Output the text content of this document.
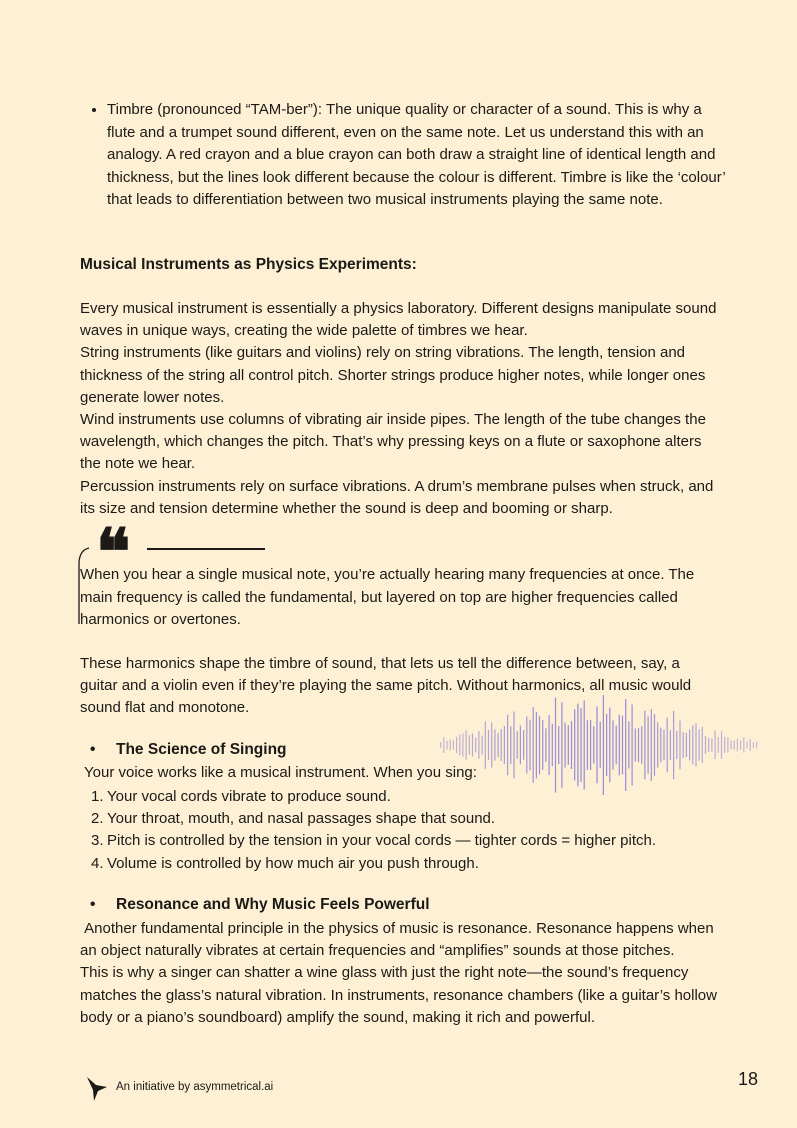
• Timbre (pronounced “TAM-ber”): The unique quality or character of a sound. This is why a flute and a trumpet sound different, even on the same note. Let us understand this with an analogy. A red crayon and a blue crayon can both draw a straight line of identical length and thickness, but the lines look different because the colour is different. Timbre is like the ‘colour’ that leads to differentiation between two musical instruments playing the same note.
Musical Instruments as Physics Experiments:

Every musical instrument is essentially a physics laboratory. Different designs manipulate sound waves in unique ways, creating the wide palette of timbres we hear.

String instruments (like guitars and violins) rely on string vibrations. The length, tension and thickness of the string all control pitch. Shorter strings produce higher notes, while longer ones generate lower notes.

Wind instruments use columns of vibrating air inside pipes. The length of the tube changes the wavelength, which changes the pitch. That’s why pressing keys on a flute or saxophone alters the note we hear.

Percussion instruments rely on surface vibrations. A drum’s membrane pulses when struck, and its size and tension determine whether the sound is deep and booming or sharp.

❝

When you hear a single musical note, you’re actually hearing many frequencies at once. The main frequency is called the fundamental, but layered on top are higher frequencies called harmonics or overtones.

These harmonics shape the timbre of sound, that lets us tell the difference between, say, a guitar and a violin even if they’re playing the same pitch. Without harmonics, all music would sound flat and monotone.

• The Science of Singing
Your voice works like a musical instrument. When you sing:
1. Your vocal cords vibrate to produce sound.
2. Your throat, mouth, and nasal passages shape that sound.
3. Pitch is controlled by the tension in your vocal cords — tighter cords = higher pitch.
4. Volume is controlled by how much air you push through.
• Resonance and Why Music Feels Powerful

Another fundamental principle in the physics of music is resonance. Resonance happens when an object naturally vibrates at certain frequencies and “amplifies” sounds at those pitches.

This is why a singer can shatter a wine glass with just the right note—the sound’s frequency matches the glass’s natural vibration. In instruments, resonance chambers (like a guitar’s hollow body or a piano’s soundboard) amplify the sound, making it rich and powerful.

An initiative by asymmetrical.ai	18
